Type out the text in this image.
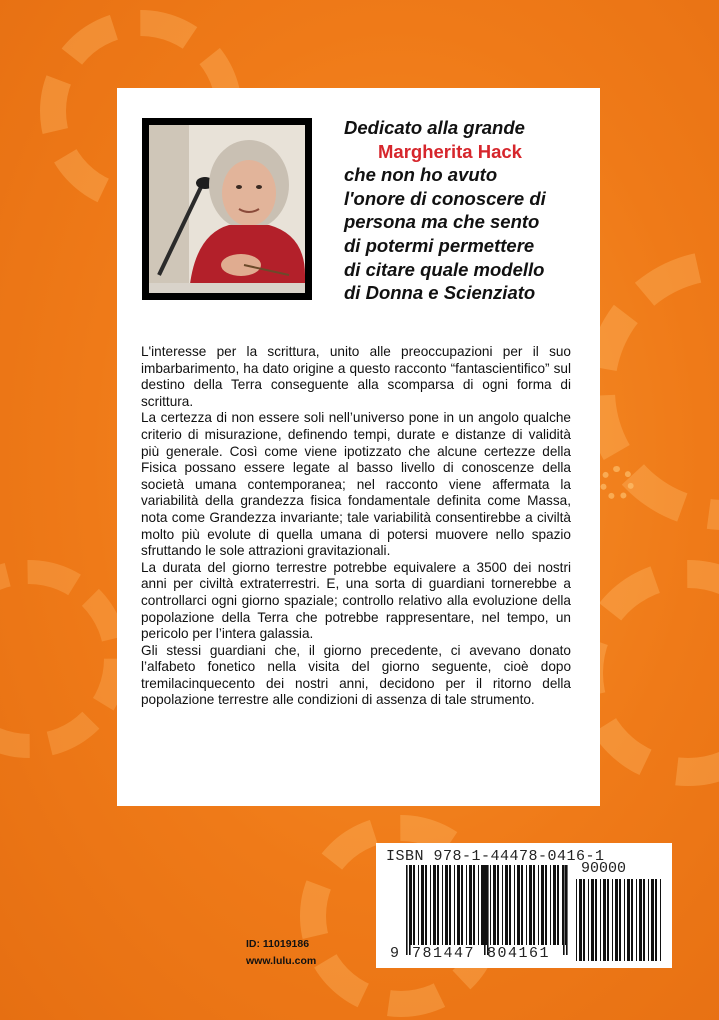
Dedicato alla grande
Margherita Hack
che non ho avuto
l'onore di conoscere di
persona ma che sento
di potermi permettere
di citare quale modello
di Donna e Scienziato

L'interesse per la scrittura, unito alle preoccupazioni per il suo imbarbarimento, ha dato origine a questo racconto “fantascientifico” sul destino della Terra conseguente alla scomparsa di ogni forma di scrittura.

La certezza di non essere soli nell’universo pone in un angolo qualche criterio di misurazione, definendo tempi, durate e distanze di validità più generale. Così come viene ipotizzato che alcune certezze della Fisica possano essere legate al basso livello di conoscenze della società umana contemporanea; nel racconto viene affermata la variabilità della grandezza fisica fondamentale definita come Massa, nota come Grandezza invariante; tale variabilità consentirebbe a civiltà molto più evolute di quella umana di potersi muovere nello spazio sfruttando le sole attrazioni gravitazionali.

La durata del giorno terrestre potrebbe equivalere a 3500 dei nostri anni per civiltà extraterrestri. E, una sorta di guardiani tornerebbe a controllarci ogni giorno spaziale; controllo relativo alla evoluzione della popolazione della Terra che potrebbe rappresentare, nel tempo, un pericolo per l’intera galassia.

Gli stessi guardiani che, il giorno precedente, ci avevano donato l’alfabeto fonetico nella visita del giorno seguente, cioè dopo tremilacinquecento dei nostri anni, decidono per il ritorno della popolazione terrestre alle condizioni di assenza di tale strumento.

ISBN 978-1-44478-0416-1
90000
9 781447 804161
ID: 11019186
www.lulu.com
